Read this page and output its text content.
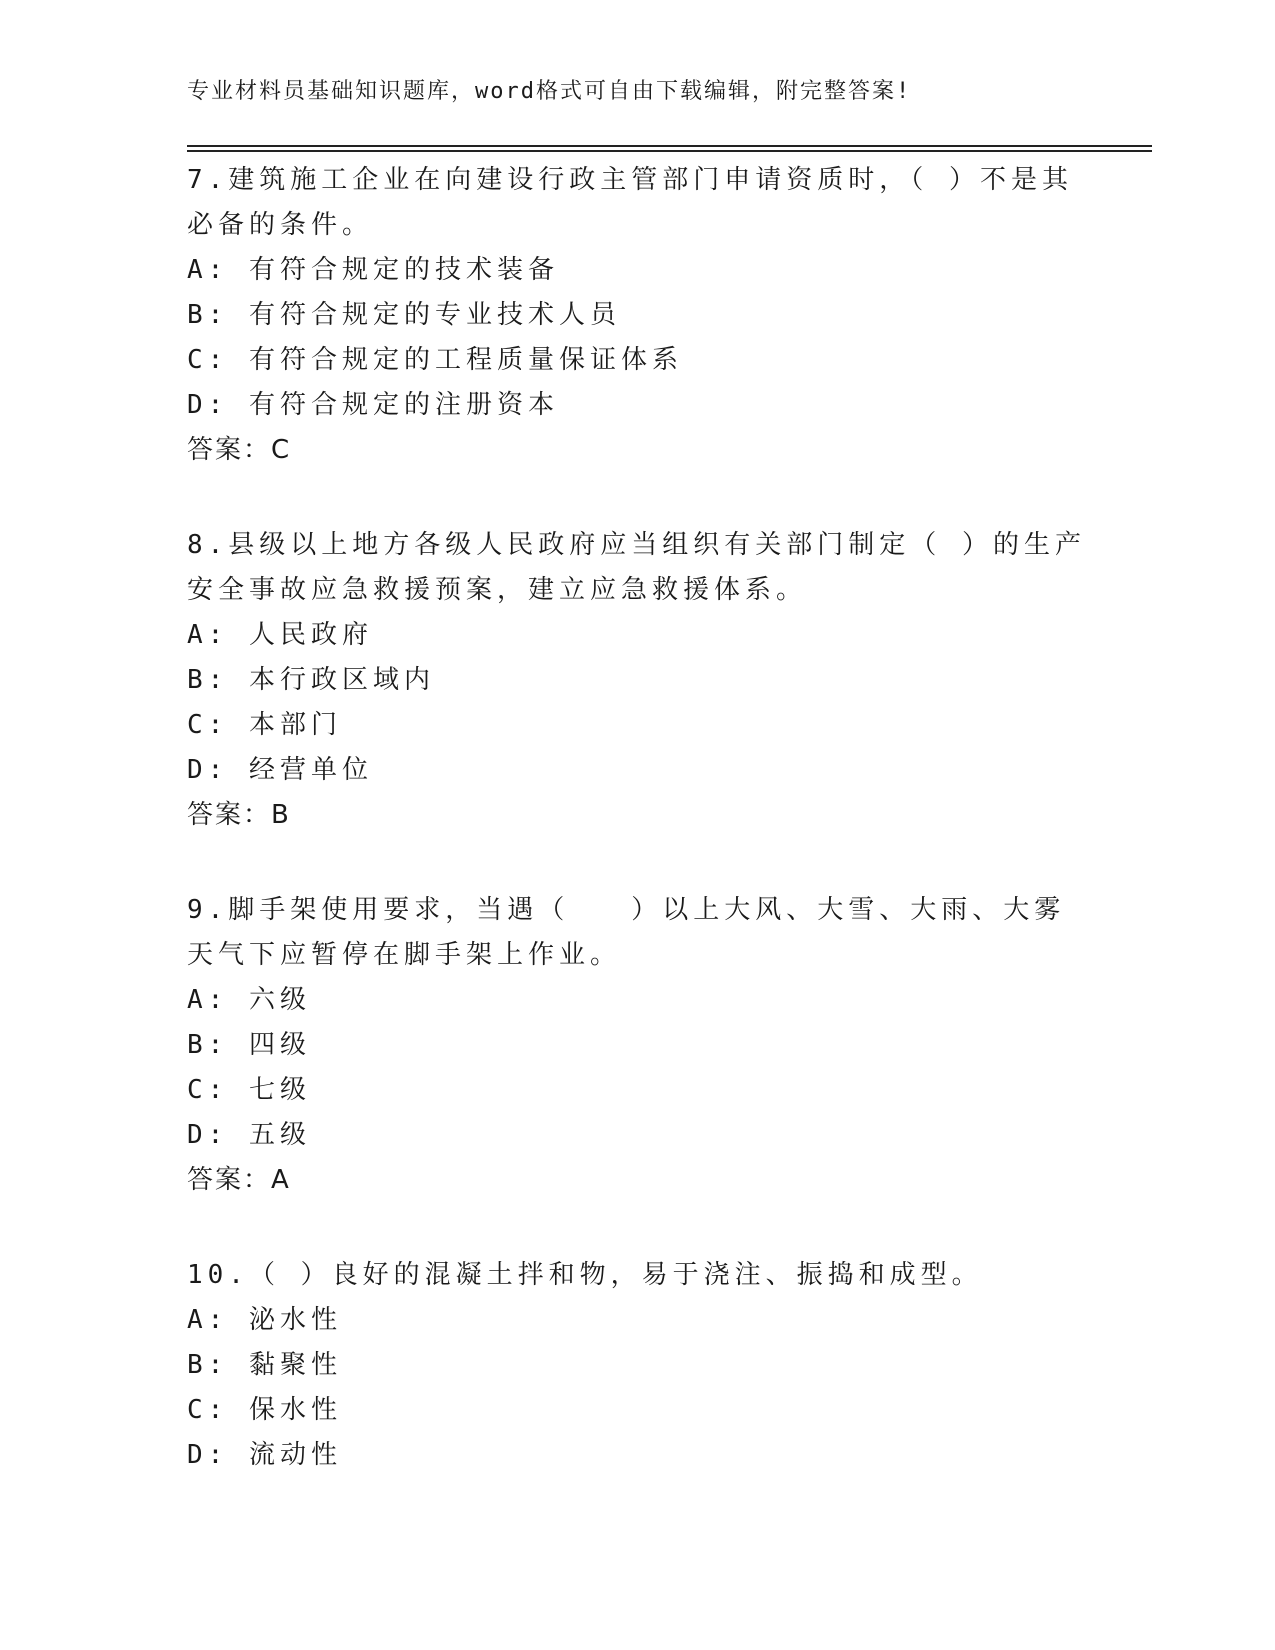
专业材料员基础知识题库，word格式可自由下载编辑，附完整答案!

7.建筑施工企业在向建设行政主管部门申请资质时，（ ）不是其必备的条件。

A: 有符合规定的技术装备
B: 有符合规定的专业技术人员
C: 有符合规定的工程质量保证体系
D: 有符合规定的注册资本
答案：C

8.县级以上地方各级人民政府应当组织有关部门制定（ ）的生产安全事故应急救援预案，建立应急救援体系。

A: 人民政府
B: 本行政区域内
C: 本部门
D: 经营单位
答案：B

9.脚手架使用要求，当遇（　　）以上大风、大雪、大雨、大雾天气下应暂停在脚手架上作业。

A: 六级
B: 四级
C: 七级
D: 五级
答案：A

10.（ ）良好的混凝土拌和物，易于浇注、振捣和成型。

A: 泌水性
B: 黏聚性
C: 保水性
D: 流动性
